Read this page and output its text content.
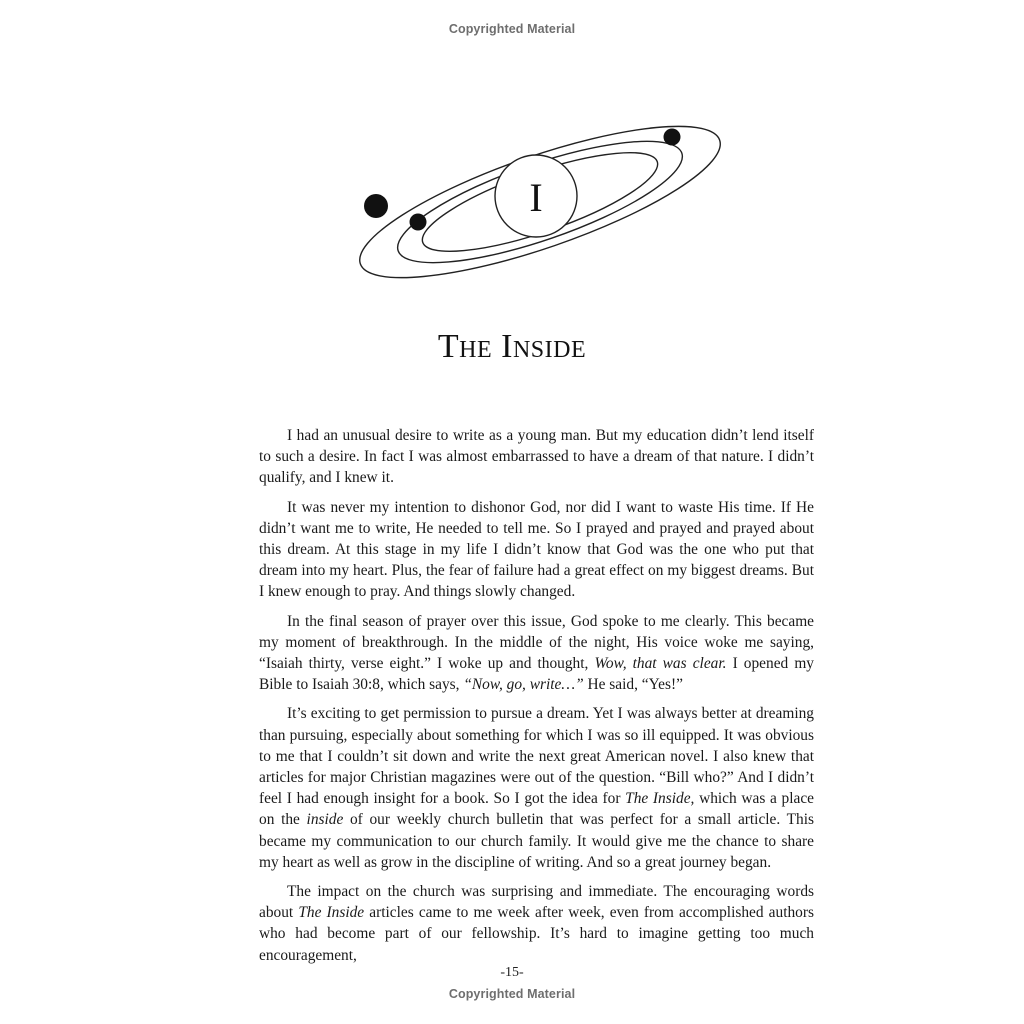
Copyrighted Material
I
The Inside

I had an unusual desire to write as a young man. But my education didn’t lend itself to such a desire. In fact I was almost embarrassed to have a dream of that nature. I didn’t qualify, and I knew it.

It was never my intention to dishonor God, nor did I want to waste His time. If He didn’t want me to write, He needed to tell me. So I prayed and prayed and prayed about this dream. At this stage in my life I didn’t know that God was the one who put that dream into my heart. Plus, the fear of failure had a great effect on my biggest dreams. But I knew enough to pray. And things slowly changed.

In the final season of prayer over this issue, God spoke to me clearly. This became my moment of breakthrough. In the middle of the night, His voice woke me saying, “Isaiah thirty, verse eight.” I woke up and thought, Wow, that was clear. I opened my Bible to Isaiah 30:8, which says, “Now, go, write…” He said, “Yes!”

It’s exciting to get permission to pursue a dream. Yet I was always better at dreaming than pursuing, especially about something for which I was so ill equipped. It was obvious to me that I couldn’t sit down and write the next great American novel. I also knew that articles for major Christian magazines were out of the question. “Bill who?” And I didn’t feel I had enough insight for a book. So I got the idea for The Inside, which was a place on the inside of our weekly church bulletin that was perfect for a small article. This became my communication to our church family. It would give me the chance to share my heart as well as grow in the discipline of writing. And so a great journey began.

The impact on the church was surprising and immediate. The encouraging words about The Inside articles came to me week after week, even from accomplished authors who had become part of our fellowship. It’s hard to imagine getting too much encouragement,

-15-
Copyrighted Material
